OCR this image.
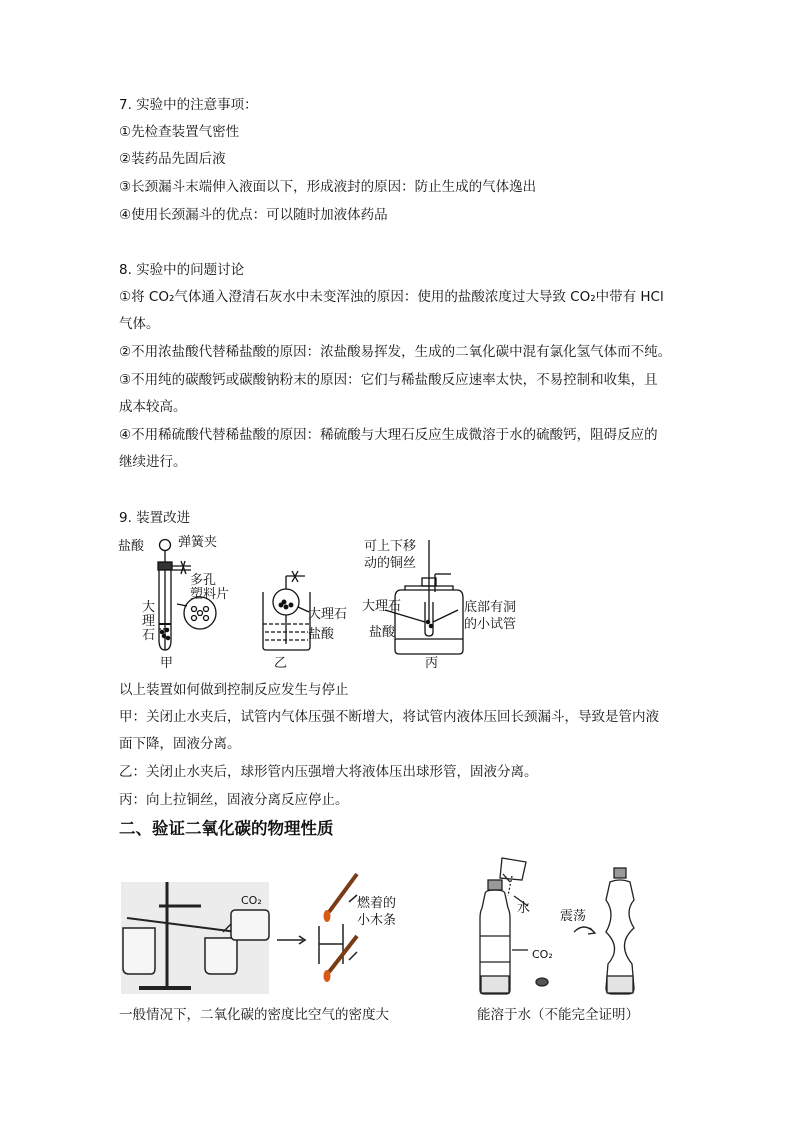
7. 实验中的注意事项：
①先检查装置气密性
②装药品先固后液
③长颈漏斗末端伸入液面以下，形成液封的原因：防止生成的气体逸出
④使用长颈漏斗的优点：可以随时加液体药品
8. 实验中的问题讨论
①将 CO₂气体通入澄清石灰水中未变浑浊的原因：使用的盐酸浓度过大导致 CO₂中带有 HCl
气体。
②不用浓盐酸代替稀盐酸的原因：浓盐酸易挥发，生成的二氧化碳中混有氯化氢气体而不纯。
③不用纯的碳酸钙或碳酸钠粉末的原因：它们与稀盐酸反应速率太快，不易控制和收集，且
成本较高。
④不用稀硫酸代替稀盐酸的原因：稀硫酸与大理石反应生成微溶于水的硫酸钙，阻碍反应的
继续进行。
9. 装置改进
盐酸	弹簧夹
多孔
塑料片
大
理
石
甲
大理石
盐酸
乙
可上下移
动的铜丝
大理石
盐酸
底部有洞
的小试管
丙
以上装置如何做到控制反应发生与停止
甲：关闭止水夹后，试管内气体压强不断增大，将试管内液体压回长颈漏斗，导致是管内液
面下降，固液分离。
乙：关闭止水夹后，球形管内压强增大将液体压出球形管，固液分离。
丙：向上拉铜丝，固液分离反应停止。
二、验证二氧化碳的物理性质
CO₂	燃着的
小木条
水
CO₂
震荡
一般情况下，二氧化碳的密度比空气的密度大	能溶于水（不能完全证明）
